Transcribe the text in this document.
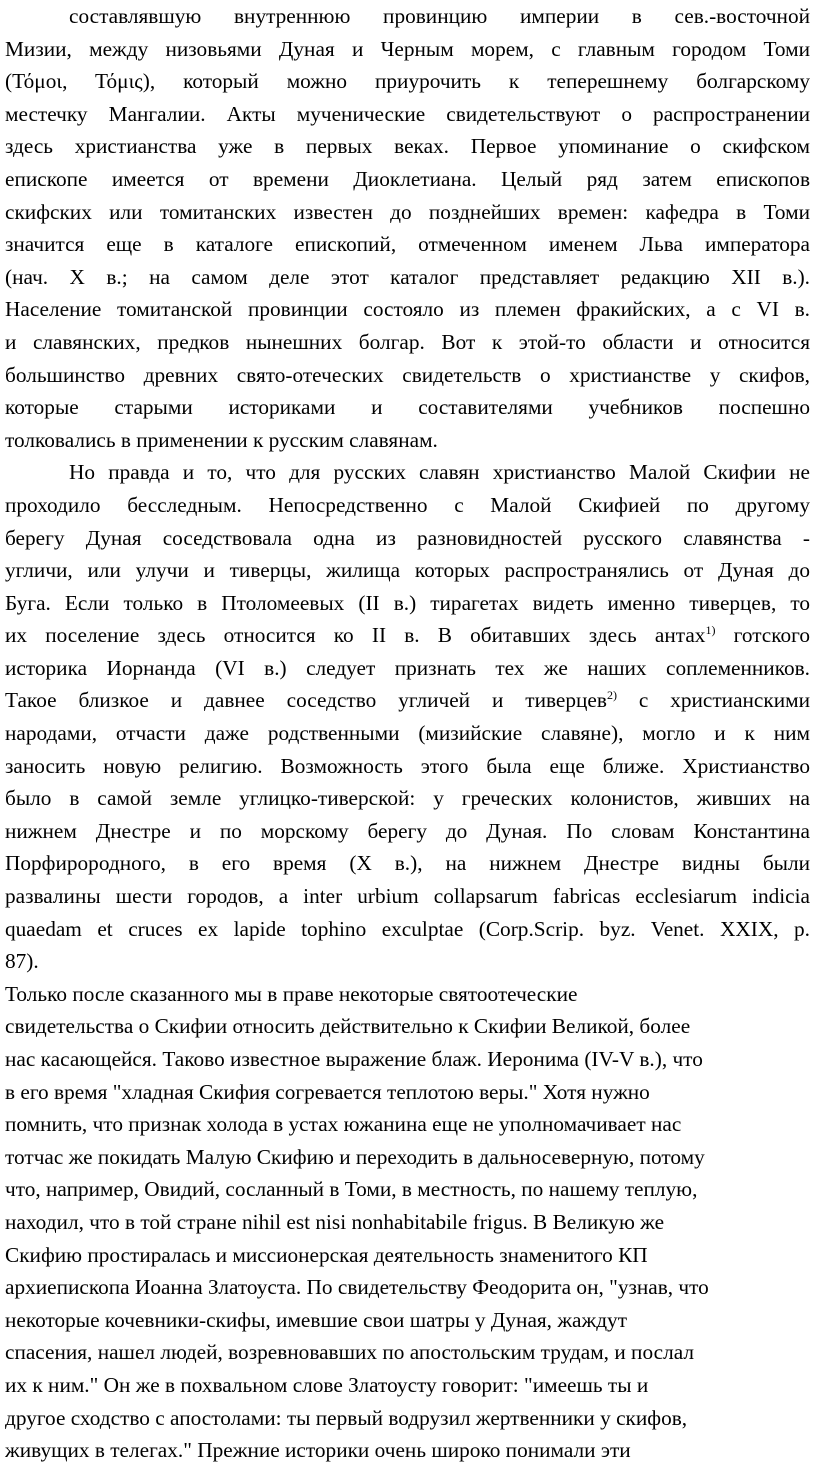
составлявшую внутреннюю провинцию империи в сев.-восточной
Мизии, между низовьями Дуная и Черным морем, с главным городом Томи
(Τόμοι, Τόμις), который можно приурочить к теперешнему болгарскому
местечку Мангалии. Акты мученические свидетельствуют о распространении
здесь христианства уже в первых веках. Первое упоминание о скифском
епископе имеется от времени Диоклетиана. Целый ряд затем епископов
скифских или томитанских известен до позднейших времен: кафедра в Томи
значится еще в каталоге епископий, отмеченном именем Льва императора
(нач. X в.; на самом деле этот каталог представляет редакцию XII в.).
Население томитанской провинции состояло из племен фракийских, а с VI в.
и славянских, предков нынешних болгар. Вот к этой-то области и относится
большинство древних свято-отеческих свидетельств о христианстве у скифов,
которые старыми историками и составителями учебников поспешно
толковались в применении к русским славянам.
Но правда и то, что для русских славян христианство Малой Скифии не
проходило бесследным. Непосредственно с Малой Скифией по другому
берегу Дуная соседствовала одна из разновидностей русского славянства -
угличи, или улучи и тиверцы, жилища которых распространялись от Дуная до
Буга. Если только в Птоломеевых (II в.) тирагетах видеть именно тиверцев, то
их поселение здесь относится ко II в. В обитавших здесь антах$^{1)}$ готского
историка Иорнанда (VI в.) следует признать тех же наших соплеменников.
Такое близкое и давнее соседство угличей и тиверцев$^{2)}$ с христианскими
народами, отчасти даже родственными (мизийские славяне), могло и к ним
заносить новую религию. Возможность этого была еще ближе. Христианство
было в самой земле углицко-тиверской: у греческих колонистов, живших на
нижнем Днестре и по морскому берегу до Дуная. По словам Константина
Порфирородного, в его время (X в.), на нижнем Днестре видны были
развалины шести городов, а inter urbium collapsarum fabricas ecclesiarum indicia
quaedam et cruces ex lapide tophino exculptae (Corp.Scrip. byz. Venet. XXIX, р.
87).
Только после сказанного мы в праве некоторые святоотеческие
свидетельства о Скифии относить действительно к Скифии Великой, более
нас касающейся. Таково известное выражение блаж. Иеронима (IV-V в.), что
в его время "хладная Скифия согревается теплотою веры." Хотя нужно
помнить, что признак холода в устах южанина еще не уполномачивает нас
тотчас же покидать Малую Скифию и переходить в дальносеверную, потому
что, например, Овидий, сосланный в Томи, в местность, по нашему теплую,
находил, что в той стране nihil est nisi nonhabitabile frigus. В Великую же
Скифию простиралась и миссионерская деятельность знаменитого КП
архиепископа Иоанна Златоуста. По свидетельству Феодорита он, "узнав, что
некоторые кочевники-скифы, имевшие свои шатры у Дуная, жаждут
спасения, нашел людей, возревновавших по апостольским трудам, и послал
их к ним." Он же в похвальном слове Златоусту говорит: "имеешь ты и
другое сходство с апостолами: ты первый водрузил жертвенники у скифов,
живущих в телегах." Прежние историки очень широко понимали эти
